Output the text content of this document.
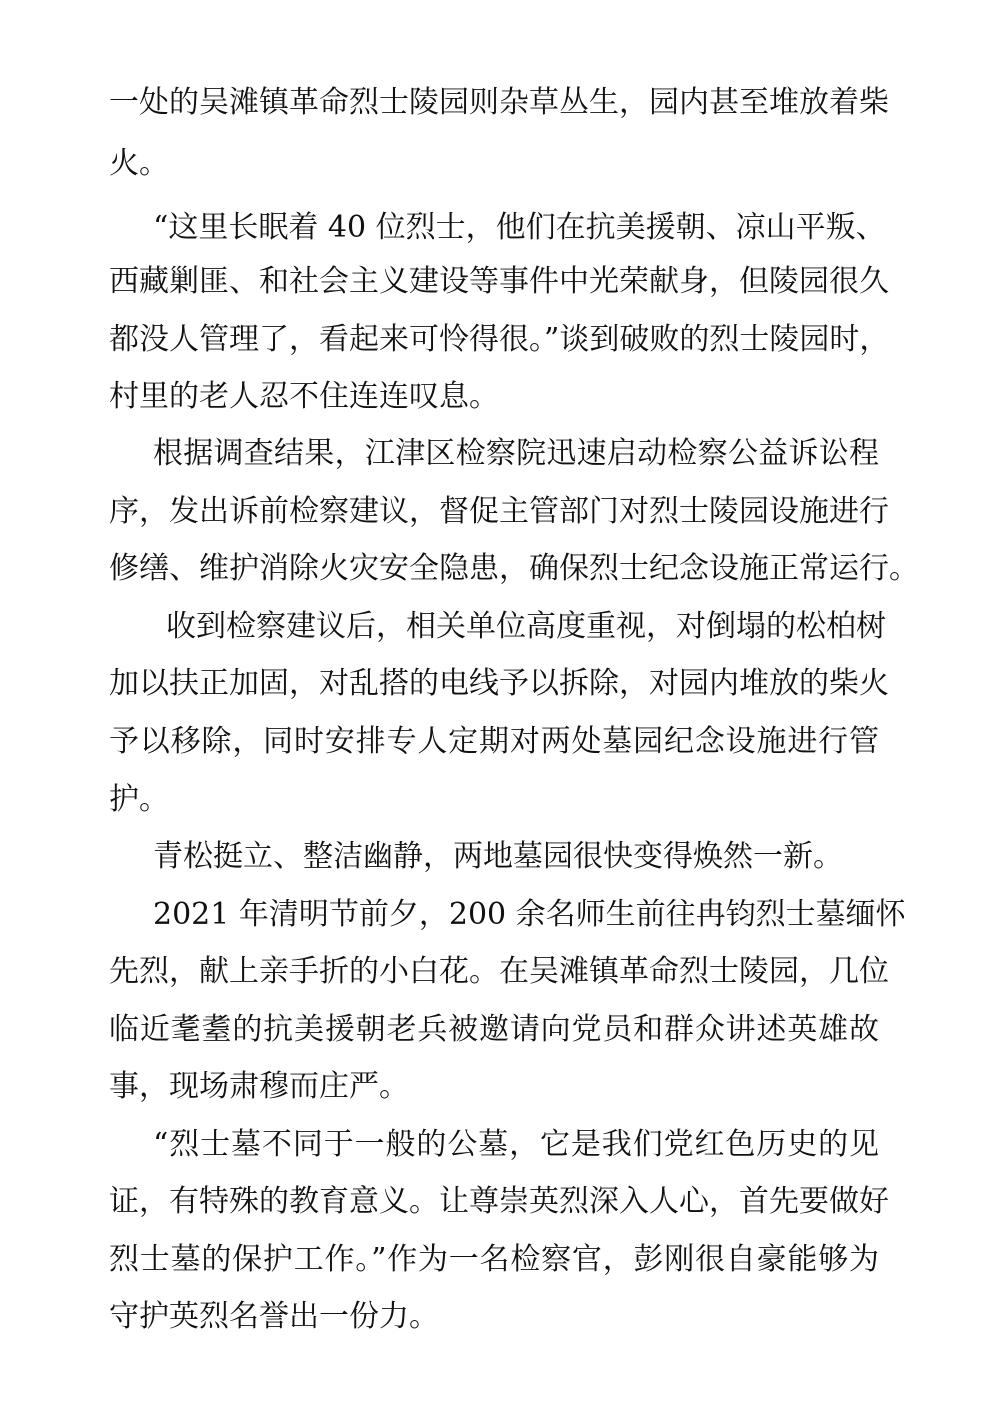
一处的吴滩镇革命烈士陵园则杂草丛生，园内甚至堆放着柴
火。
“这里长眠着 40 位烈士，他们在抗美援朝、凉山平叛、
西藏剿匪、和社会主义建设等事件中光荣献身，但陵园很久
都没人管理了，看起来可怜得很。”谈到破败的烈士陵园时，
村里的老人忍不住连连叹息。
根据调查结果，江津区检察院迅速启动检察公益诉讼程
序，发出诉前检察建议，督促主管部门对烈士陵园设施进行
修缮、维护消除火灾安全隐患，确保烈士纪念设施正常运行。
收到检察建议后，相关单位高度重视，对倒塌的松柏树
加以扶正加固，对乱搭的电线予以拆除，对园内堆放的柴火
予以移除，同时安排专人定期对两处墓园纪念设施进行管
护。
青松挺立、整洁幽静，两地墓园很快变得焕然一新。
2021 年清明节前夕，200 余名师生前往冉钧烈士墓缅怀
先烈，献上亲手折的小白花。在吴滩镇革命烈士陵园，几位
临近耄耋的抗美援朝老兵被邀请向党员和群众讲述英雄故
事，现场肃穆而庄严。
“烈士墓不同于一般的公墓，它是我们党红色历史的见
证，有特殊的教育意义。让尊崇英烈深入人心，首先要做好
烈士墓的保护工作。”作为一名检察官，彭刚很自豪能够为
守护英烈名誉出一份力。
